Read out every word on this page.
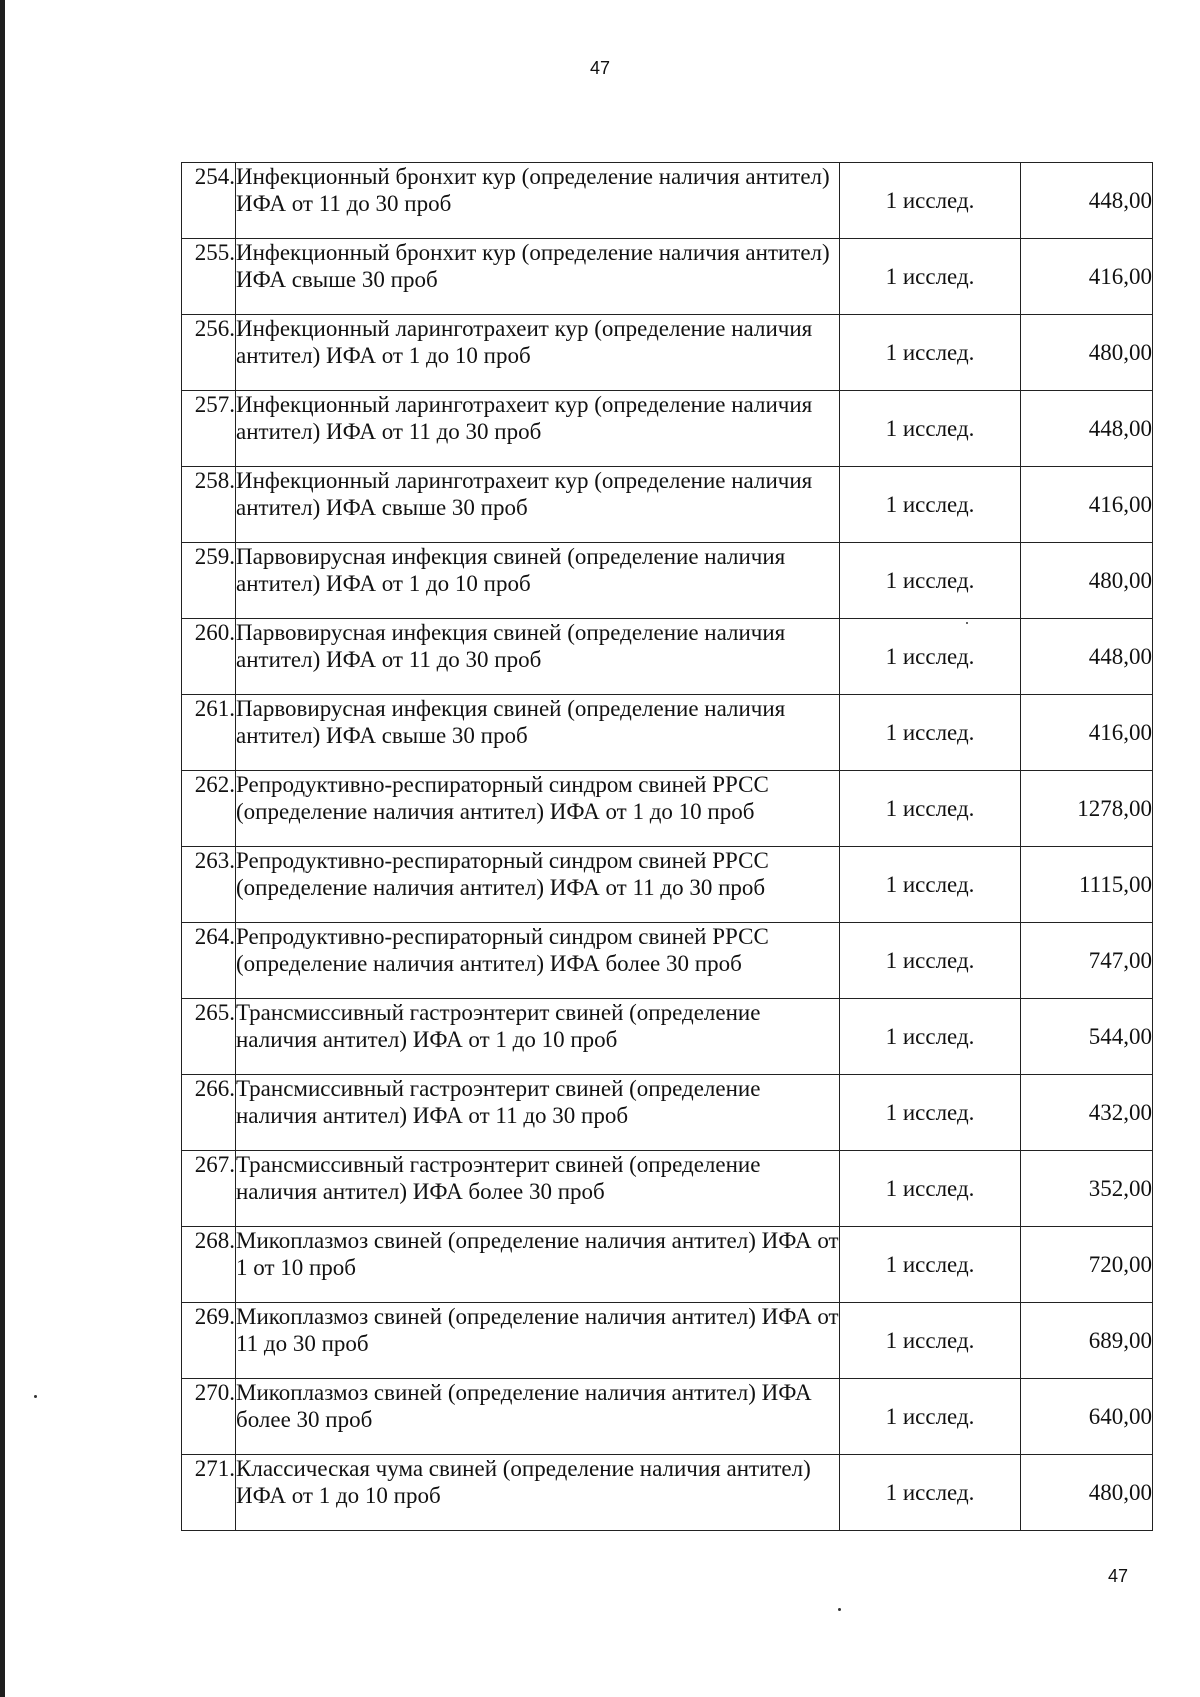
47
254.	Инфекционный бронхит кур (определение наличия антител) ИФА от 11 до 30 проб	1 исслед.	448,00
255.	Инфекционный бронхит кур (определение наличия антител) ИФА свыше 30 проб	1 исслед.	416,00
256.	Инфекционный ларинготрахеит кур (определение наличия антител) ИФА от 1 до 10 проб	1 исслед.	480,00
257.	Инфекционный ларинготрахеит кур (определение наличия антител) ИФА от 11 до 30 проб	1 исслед.	448,00
258.	Инфекционный ларинготрахеит кур (определение наличия антител) ИФА свыше 30 проб	1 исслед.	416,00
259.	Парвовирусная инфекция свиней (определение наличия антител) ИФА от 1 до 10 проб	1 исслед.	480,00
260.	Парвовирусная инфекция свиней (определение наличия антител) ИФА от 11 до 30 проб	1 исслед.	448,00
261.	Парвовирусная инфекция свиней (определение наличия антител) ИФА свыше 30 проб	1 исслед.	416,00
262.	Репродуктивно-респираторный синдром свиней РРСС (определение наличия антител) ИФА от 1 до 10 проб	1 исслед.	1278,00
263.	Репродуктивно-респираторный синдром свиней РРСС (определение наличия антител) ИФА от 11 до 30 проб	1 исслед.	1115,00
264.	Репродуктивно-респираторный синдром свиней РРСС (определение наличия антител) ИФА более 30 проб	1 исслед.	747,00
265.	Трансмиссивный гастроэнтерит свиней (определение наличия антител) ИФА от 1 до 10 проб	1 исслед.	544,00
266.	Трансмиссивный гастроэнтерит свиней (определение наличия антител) ИФА от 11 до 30 проб	1 исслед.	432,00
267.	Трансмиссивный гастроэнтерит свиней (определение наличия антител) ИФА более 30 проб	1 исслед.	352,00
268.	Микоплазмоз свиней (определение наличия антител) ИФА от 1 от 10 проб	1 исслед.	720,00
269.	Микоплазмоз свиней (определение наличия антител) ИФА от 11 до 30 проб	1 исслед.	689,00
270.	Микоплазмоз свиней (определение наличия антител) ИФА более 30 проб	1 исслед.	640,00
271.	Классическая чума свиней (определение наличия антител) ИФА от 1 до 10 проб	1 исслед.	480,00
47
